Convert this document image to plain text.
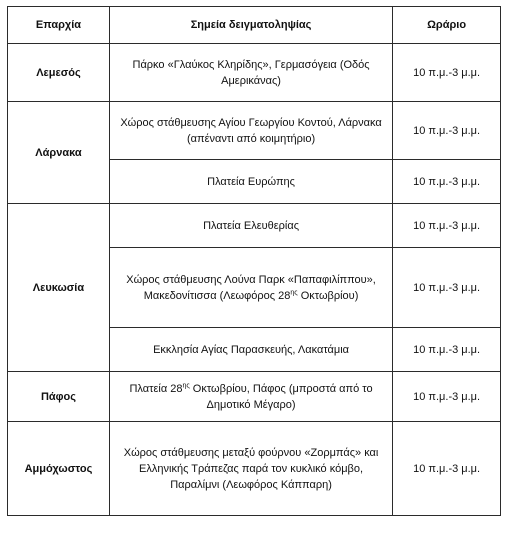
Επαρχία	Σημεία δειγματοληψίας	Ωράριο
Λεμεσός	Πάρκο «Γλαύκος Κληρίδης», Γερμασόγεια (Οδός Αμερικάνας)	10 π.μ.-3 μ.μ.
Λάρνακα	Χώρος στάθμευσης Αγίου Γεωργίου Κοντού, Λάρνακα (απέναντι από κοιμητήριο)	10 π.μ.-3 μ.μ.
	Πλατεία Ευρώπης	10 π.μ.-3 μ.μ.
Λευκωσία	Πλατεία Ελευθερίας	10 π.μ.-3 μ.μ.
	Χώρος στάθμευσης Λούνα Παρκ «Παπαφιλίππου», Μακεδονίτισσα (Λεωφόρος $28^{\eta\varsigma}$ Οκτωβρίου)	10 π.μ.-3 μ.μ.
	Εκκλησία Αγίας Παρασκευής, Λακατάμια	10 π.μ.-3 μ.μ.
Πάφος	Πλατεία $28^{\eta\varsigma}$ Οκτωβρίου, Πάφος (μπροστά από το Δημοτικό Μέγαρο)	10 π.μ.-3 μ.μ.
Αμμόχωστος	Χώρος στάθμευσης μεταξύ φούρνου «Ζορμπάς» και Ελληνικής Τράπεζας παρά τον κυκλικό κόμβο, Παραλίμνι (Λεωφόρος Κάππαρη)	10 π.μ.-3 μ.μ.
